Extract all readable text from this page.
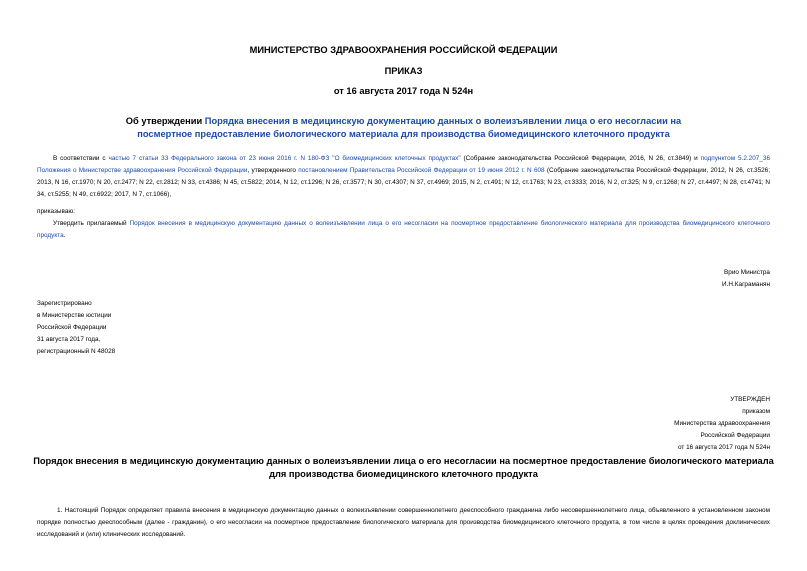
МИНИСТЕРСТВО ЗДРАВООХРАНЕНИЯ РОССИЙСКОЙ ФЕДЕРАЦИИ
ПРИКАЗ
от 16 августа 2017 года N 524н
Об утверждении Порядка внесения в медицинскую документацию данных о волеизъявлении лица о его несогласии на посмертное предоставление биологического материала для производства биомедицинского клеточного продукта
В соответствии с частью 7 статьи 33 Федерального закона от 23 июня 2016 г. N 180-ФЗ "О биомедицинских клеточных продуктах" (Собрание законодательства Российской Федерации, 2016, N 26, ст.3849) и подпунктом 5.2.207_36 Положения о Министерстве здравоохранения Российской Федерации, утвержденного постановлением Правительства Российской Федерации от 19 июня 2012 г. N 608 (Собрание законодательства Российской Федерации, 2012, N 26, ст.3526; 2013, N 16, ст.1970; N 20, ст.2477; N 22, ст.2812; N 33, ст.4386; N 45, ст.5822; 2014, N 12, ст.1296; N 26, ст.3577; N 30, ст.4307; N 37, ст.4969; 2015, N 2, ст.491; N 12, ст.1763; N 23, ст.3333; 2016, N 2, ст.325; N 9, ст.1268; N 27, ст.4497; N 28, ст.4741; N 34, ст.5255; N 49, ст.6922; 2017, N 7, ст.1066),
приказываю:
Утвердить прилагаемый Порядок внесения в медицинскую документацию данных о волеизъявлении лица о его несогласии на посмертное предоставление биологического материала для производства биомедицинского клеточного продукта.
Врио Министра
И.Н.Каграманян
Зарегистрировано
в Министерстве юстиции
Российской Федерации
31 августа 2017 года,
регистрационный N 48028
УТВЕРЖДЕН
приказом
Министерства здравоохранения
Российской Федерации
от 16 августа 2017 года N 524н
Порядок внесения в медицинскую документацию данных о волеизъявлении лица о его несогласии на посмертное предоставление биологического материала для производства биомедицинского клеточного продукта
1. Настоящий Порядок определяет правила внесения в медицинскую документацию данных о волеизъявлении совершеннолетнего дееспособного гражданина либо несовершеннолетнего лица, объявленного в установленном законом порядке полностью дееспособным (далее - гражданин), о его несогласии на посмертное предоставление биологического материала для производства биомедицинского клеточного продукта, в том числе в целях проведения доклинических исследований и (или) клинических исследований.
